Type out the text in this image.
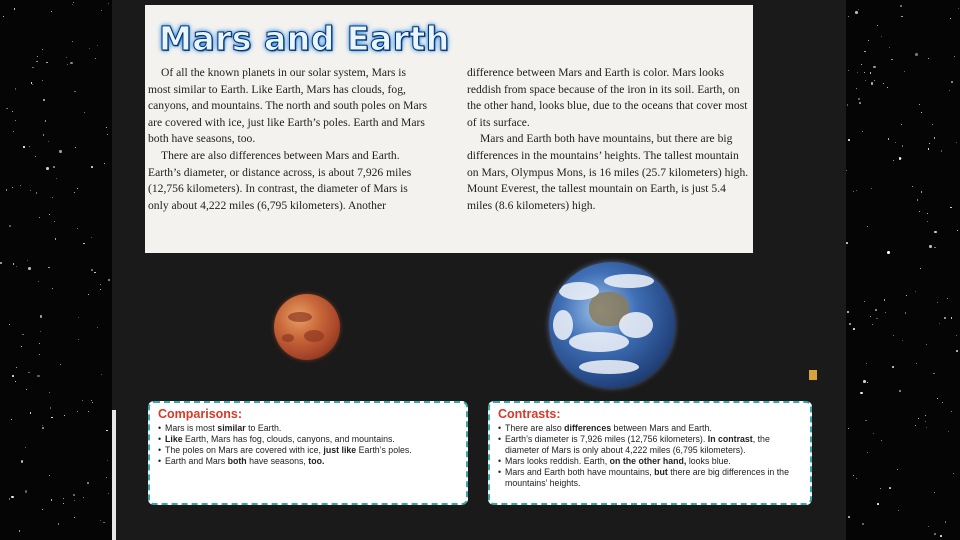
Mars and Earth

Of all the known planets in our solar system, Mars is most similar to Earth. Like Earth, Mars has clouds, fog, canyons, and mountains. The north and south poles on Mars are covered with ice, just like Earth’s poles. Earth and Mars both have seasons, too.

There are also differences between Mars and Earth. Earth’s diameter, or distance across, is about 7,926 miles (12,756 kilometers). In contrast, the diameter of Mars is only about 4,222 miles (6,795 kilometers). Another

difference between Mars and Earth is color. Mars looks reddish from space because of the iron in its soil. Earth, on the other hand, looks blue, due to the oceans that cover most of its surface.

Mars and Earth both have mountains, but there are big differences in the mountains’ heights. The tallest mountain on Mars, Olympus Mons, is 16 miles (25.7 kilometers) high. Mount Everest, the tallest mountain on Earth, is just 5.4 miles (8.6 kilometers) high.

Comparisons:
• Mars is most similar to Earth.
• Like Earth, Mars has fog, clouds, canyons, and mountains.
• The poles on Mars are covered with ice, just like Earth’s poles.
• Earth and Mars both have seasons, too.
Contrasts:
• There are also differences between Mars and Earth.
• Earth’s diameter is 7,926 miles (12,756 kilometers). In contrast, the diameter of Mars is only about 4,222 miles (6,795 kilometers).
• Mars looks reddish. Earth, on the other hand, looks blue.
• Mars and Earth both have mountains, but there are big differences in the mountains’ heights.
